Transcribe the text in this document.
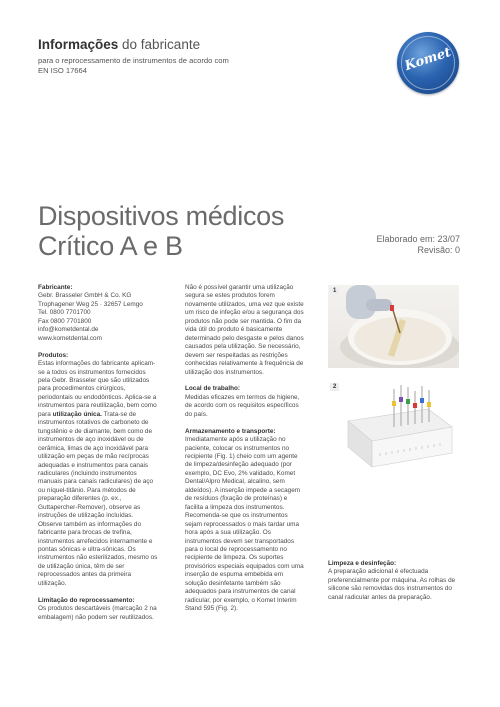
Informações do fabricante
para o reprocessamento de instrumentos de acordo com
EN ISO 17664	Komet
Dispositivos médicos
Crítico A e B	Elaborado em: 23/07
Revisão: 0
Fabricante:
Gebr. Brasseler GmbH & Co. KG
Trophagener Weg 25 · 32657 Lemgo
Tel. 0800 7701700
Fax 0800 7701800
info@kometdental.de
www.kometdental.com
Produtos:

Estas informações do fabricante aplicam-se a todos os instrumentos fornecidos pela Gebr. Brasseler que são utilizados para procedimentos cirúrgicos, periodontais ou endodônticos. Aplica-se a instrumentos para reutilização, bem como para utilização única. Trata-se de instrumentos rotativos de carboneto de tungstênio e de diamante, bem como de instrumentos de aço inoxidável ou de cerâmica, limas de aço inoxidável para utilização em peças de mão recíprocas adequadas e instrumentos para canais radiculares (incluindo instrumentos manuais para canais radiculares) de aço ou níquel-titânio. Para métodos de preparação diferentes (p. ex., Guttapercher-Remover), observe as instruções de utilização incluídas. Observe também as informações do fabricante para brocas de trefina, instrumentos arrefecidos internamente e pontas sônicas e ultra-sônicas. Os instrumentos não esterilizados, mesmo os de utilização única, têm de ser reprocessados antes da primeira utilização.

Limitação do reprocessamento:

Os produtos descartáveis (marcação 2 na embalagem) não podem ser reutilizados.

Não é possível garantir uma utilização segura se estes produtos forem novamente utilizados, uma vez que existe um risco de infeção e/ou a segurança dos produtos não pode ser mantida. O fim da vida útil do produto é basicamente determinado pelo desgaste e pelos danos causados pela utilização. Se necessário, devem ser respeitadas as restrições conhecidas relativamente à frequência de utilização dos instrumentos.

Local de trabalho:

Medidas eficazes em termos de higiene, de acordo com os requisitos específicos do país.

Armazenamento e transporte:

Imediatamente após a utilização no paciente, colocar os instrumentos no recipiente (Fig. 1) cheio com um agente de limpeza/desinfeção adequado (por exemplo, DC Evo, 2% validado, Komet Dental/Alpro Medical, alcalino, sem aldeídos). A inserção impede a secagem de resíduos (fixação de proteínas) e facilita a limpeza dos instrumentos. Recomenda-se que os instrumentos sejam reprocessados o mais tardar uma hora após a sua utilização. Os instrumentos devem ser transportados para o local de reprocessamento no recipiente de limpeza. Os suportes provisórios especiais equipados com uma inserção de espuma embebida em solução desinfetante também são adequados para instrumentos de canal radicular, por exemplo, o Komet Interim Stand 595 (Fig. 2).

1
2
Limpeza e desinfeção:

A preparação adicional é efectuada preferencialmente por máquina. As rolhas de silicone são removidas dos instrumentos do canal radicular antes da preparação.
